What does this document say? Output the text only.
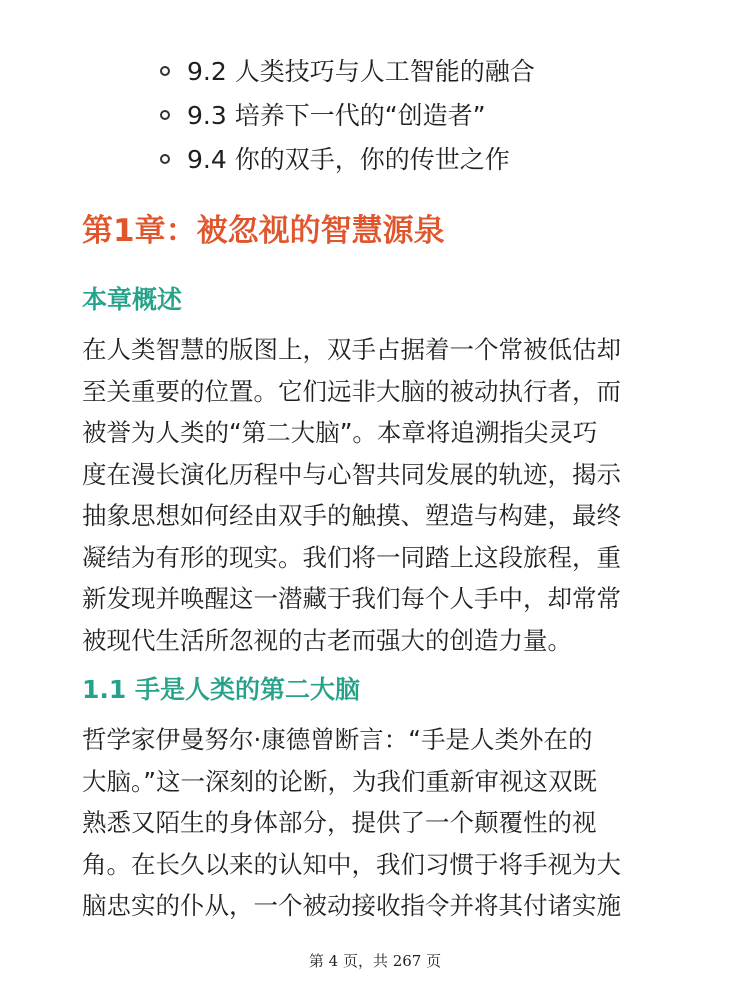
9.2 人类技巧与人工智能的融合
9.3 培养下一代的“创造者”
9.4 你的双手，你的传世之作
第1章：被忽视的智慧源泉
本章概述
在人类智慧的版图上，双手占据着一个常被低估却
至关重要的位置。它们远非大脑的被动执行者，而
被誉为人类的“第二大脑”。本章将追溯指尖灵巧
度在漫长演化历程中与心智共同发展的轨迹，揭示
抽象思想如何经由双手的触摸、塑造与构建，最终
凝结为有形的现实。我们将一同踏上这段旅程，重
新发现并唤醒这一潜藏于我们每个人手中，却常常
被现代生活所忽视的古老而强大的创造力量。
1.1 手是人类的第二大脑
哲学家伊曼努尔·康德曾断言：“手是人类外在的
大脑。”这一深刻的论断，为我们重新审视这双既
熟悉又陌生的身体部分，提供了一个颠覆性的视
角。在长久以来的认知中，我们习惯于将手视为大
脑忠实的仆从，一个被动接收指令并将其付诸实施
第 4 页，共 267 页
